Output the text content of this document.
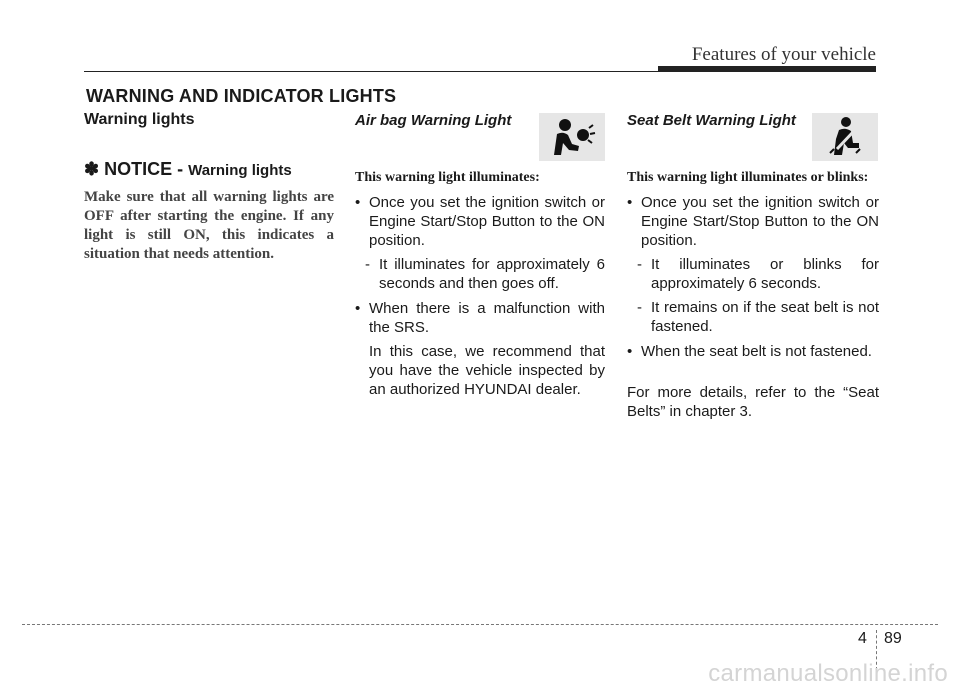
Features of your vehicle
WARNING AND INDICATOR LIGHTS
Warning lights
✽ NOTICE - Warning lights
Make sure that all warning lights are OFF after starting the engine. If any light is still ON, this indicates a situation that needs attention.
Air bag Warning Light
This warning light illuminates:
• Once you set the ignition switch or Engine Start/Stop Button to the ON position.
- It illuminates for approximately 6 seconds and then goes off.
• When there is a malfunction with the SRS.
In this case, we recommend that you have the vehicle inspected by an authorized HYUNDAI dealer.
Seat Belt Warning Light
This warning light illuminates or blinks:
• Once you set the ignition switch or Engine Start/Stop Button to the ON position.
- It illuminates or blinks for approximately 6 seconds.
- It remains on if the seat belt is not fastened.
• When the seat belt is not fastened.
For more details, refer to the “Seat Belts” in chapter 3.
4 89
carmanualsonline.info
